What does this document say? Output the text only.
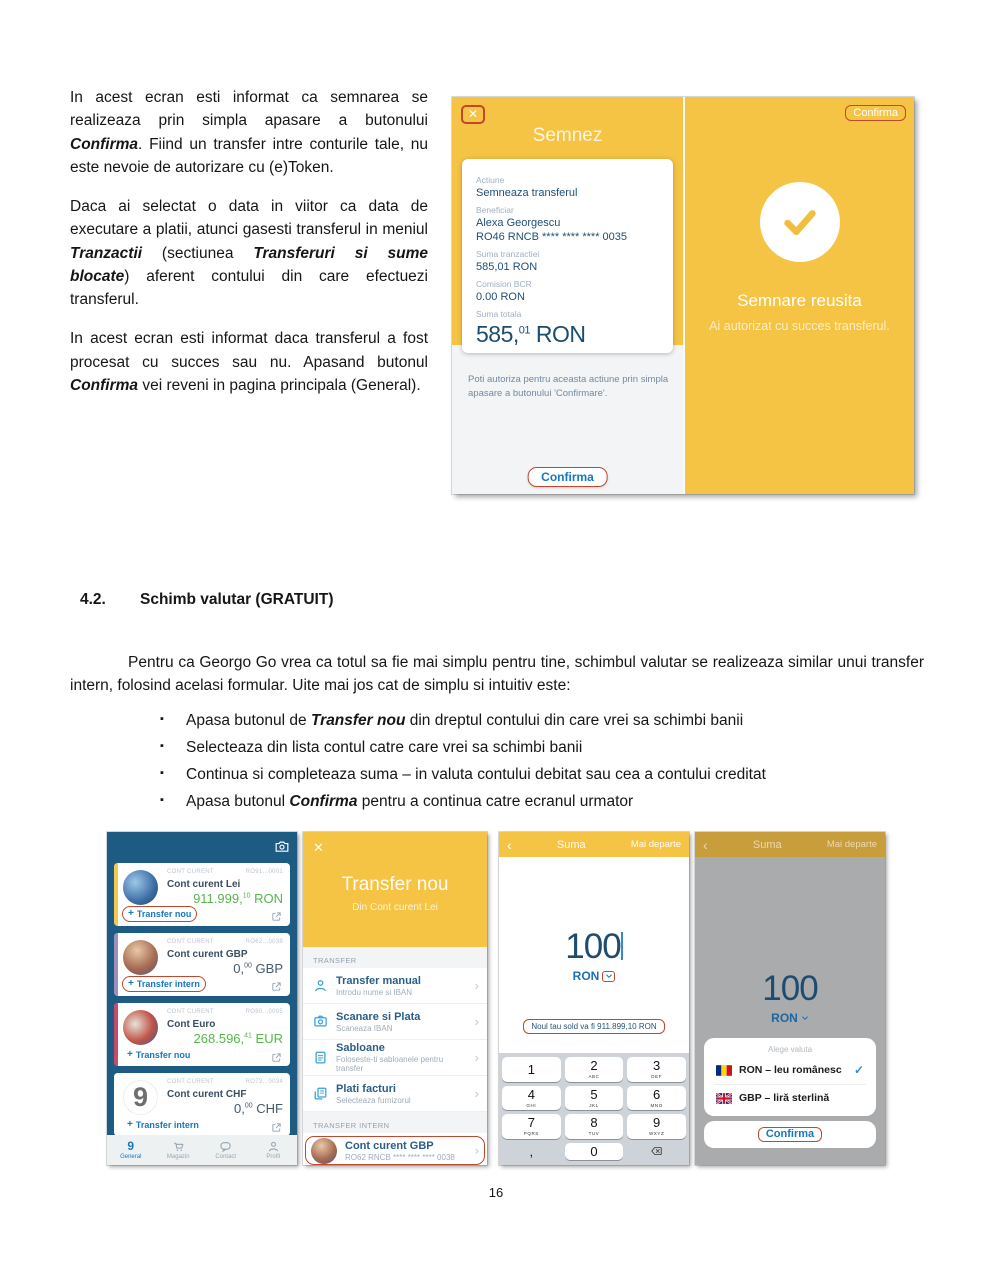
In acest ecran esti informat ca semnarea se realizeaza prin simpla apasare a butonului Confirma. Fiind un transfer intre conturile tale, nu este nevoie de autorizare cu (e)Token.

Daca ai selectat o data in viitor ca data de executare a platii, atunci gasesti transferul in meniul Tranzactii (sectiunea Transferuri si sume blocate) aferent contului din care efectuezi transferul.

In acest ecran esti informat daca transferul a fost procesat cu succes sau nu. Apasand butonul Confirma vei reveni in pagina principala (General).

✕
Semnez
Actiune
Semneaza transferul
Beneficiar
Alexa Georgescu
RO46 RNCB **** **** **** 0035
Suma tranzactiei
585,01 RON
Comision BCR
0.00 RON
Suma totala
585,01 RON

Poti autoriza pentru aceasta actiune prin simpla apasare a butonului 'Confirmare'.

Confirma
Confirma
Semnare reusita
Ai autorizat cu succes transferul.
4.2.	Schimb valutar (GRATUIT)

Pentru ca Georgo Go vrea ca totul sa fie mai simplu pentru tine, schimbul valutar se realizeaza similar unui transfer intern, folosind acelasi formular. Uite mai jos cat de simplu si intuitiv este:

▪ Apasa butonul de Transfer nou din dreptul contului din care vrei sa schimbi banii
▪ Selecteaza din lista contul catre care vrei sa schimbi banii
▪ Continua si completeaza suma – in valuta contului debitat sau cea a contului creditat
▪ Apasa butonul Confirma pentru a continua catre ecranul urmator
CONT CURENT	RO91...0001
Cont curent Lei
911.999,10 RON
+ Transfer nou
CONT CURENT	RO62...0038
Cont curent GBP
0,00 GBP
+ Transfer intern
CONT CURENT	RO80...0005
Cont Euro
268.596,41 EUR
+ Transfer nou
9	CONT CURENT	RO73...0034
Cont curent CHF
0,00 CHF
+ Transfer intern
9
General	Magazin	Contact	Profil
✕
Transfer nou
Din Cont curent Lei
TRANSFER
Transfer manual
Introdu nume si IBAN	›
Scanare si Plata
Scaneaza IBAN	›
Sabloane
Foloseste-ti sabloanele pentru transfer
›
Plati facturi
Selecteaza furnizorul	›
TRANSFER INTERN
Cont curent GBP
RO62 RNCB **** **** **** 0038 ›
‹	Suma	Mai departe
100
RON
Noul tau sold va fi 911.899,10 RON
1	2
ABC
3
DEF
4
GHI
5
JKL
6
MNO
7
PQRS
8
TUV
9
WXYZ
,	0
‹	Suma	Mai departe
100
RON
Alege valuta
RON – leu românesc ✓
GBP – liră sterlină
Confirma
16
